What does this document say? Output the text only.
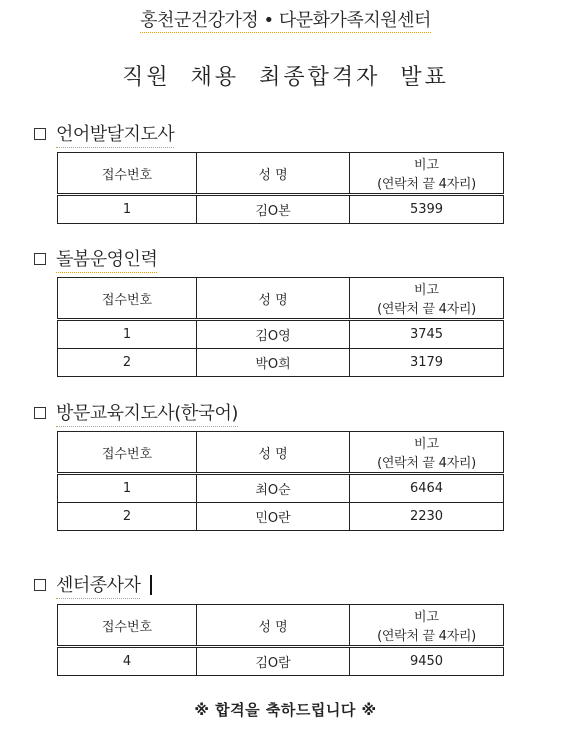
홍천군건강가정 • 다문화가족지원센터
직원 채용 최종합격자 발표
언어발달지도사
접수번호	성 명	비고
(연락처 끝 4자리)

1	김O본	5399
돌봄운영인력
접수번호	성 명	비고
(연락처 끝 4자리)

1	김O영	3745
2	박O희	3179
방문교육지도사(한국어)
접수번호	성 명	비고
(연락처 끝 4자리)

1	최O순	6464
2	민O란	2230
센터종사자
접수번호	성 명	비고
(연락처 끝 4자리)

4	김O람	9450
※ 합격을 축하드립니다 ※
